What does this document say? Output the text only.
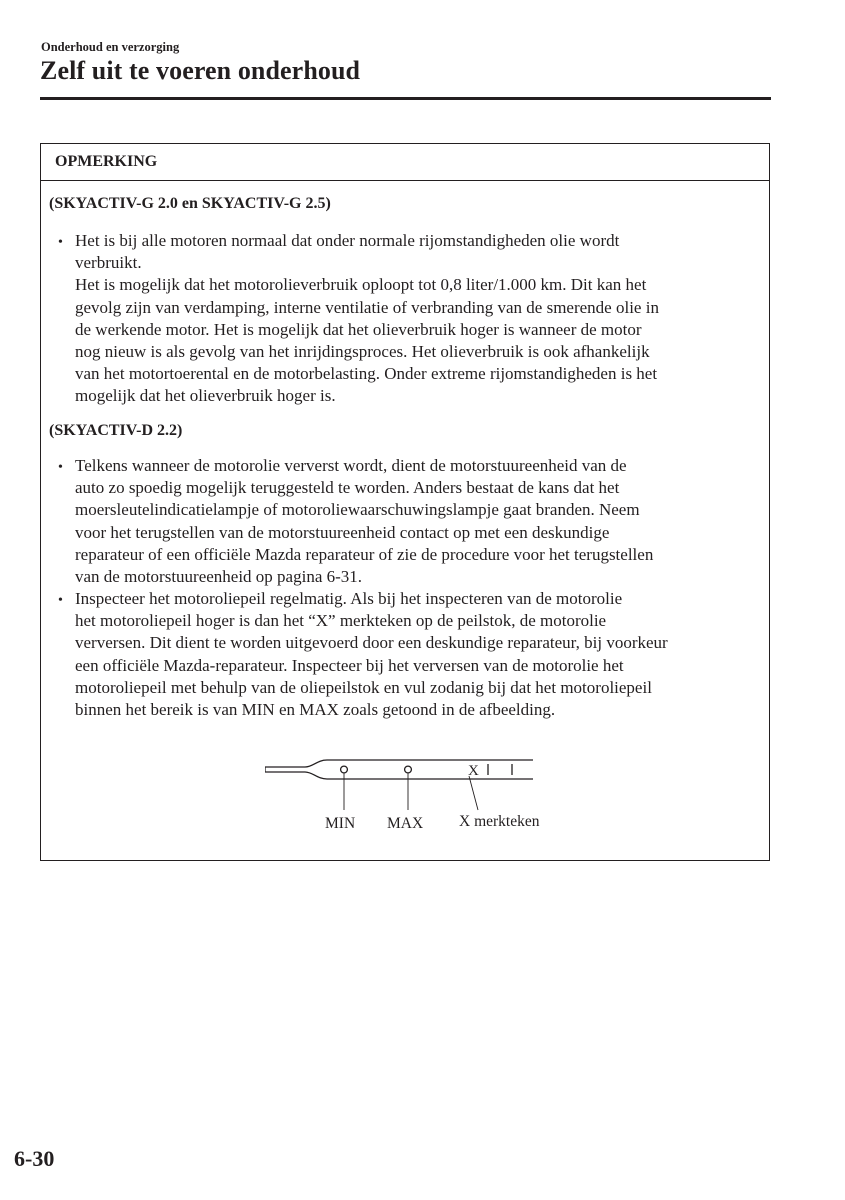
Onderhoud en verzorging
Zelf uit te voeren onderhoud
OPMERKING
(SKYACTIV-G 2.0 en SKYACTIV-G 2.5)
• Het is bij alle motoren normaal dat onder normale rijomstandigheden olie wordt

verbruikt.

Het is mogelijk dat het motorolieverbruik oploopt tot 0,8 liter/1.000 km. Dit kan het

gevolg zijn van verdamping, interne ventilatie of verbranding van de smerende olie in

de werkende motor. Het is mogelijk dat het olieverbruik hoger is wanneer de motor

nog nieuw is als gevolg van het inrijdingsproces. Het olieverbruik is ook afhankelijk

van het motortoerental en de motorbelasting. Onder extreme rijomstandigheden is het

mogelijk dat het olieverbruik hoger is.

(SKYACTIV-D 2.2)
• Telkens wanneer de motorolie ververst wordt, dient de motorstuureenheid van de

auto zo spoedig mogelijk teruggesteld te worden. Anders bestaat de kans dat het

moersleutelindicatielampje of motoroliewaarschuwingslampje gaat branden. Neem

voor het terugstellen van de motorstuureenheid contact op met een deskundige

reparateur of een officiële Mazda reparateur of zie de procedure voor het terugstellen

van de motorstuureenheid op pagina 6-31.

• Inspecteer het motoroliepeil regelmatig. Als bij het inspecteren van de motorolie

het motoroliepeil hoger is dan het “X” merkteken op de peilstok, de motorolie

verversen. Dit dient te worden uitgevoerd door een deskundige reparateur, bij voorkeur

een officiële Mazda-reparateur. Inspecteer bij het verversen van de motorolie het

motoroliepeil met behulp van de oliepeilstok en vul zodanig bij dat het motoroliepeil

binnen het bereik is van MIN en MAX zoals getoond in de afbeelding.

X
MIN MAX X merkteken
6-30
